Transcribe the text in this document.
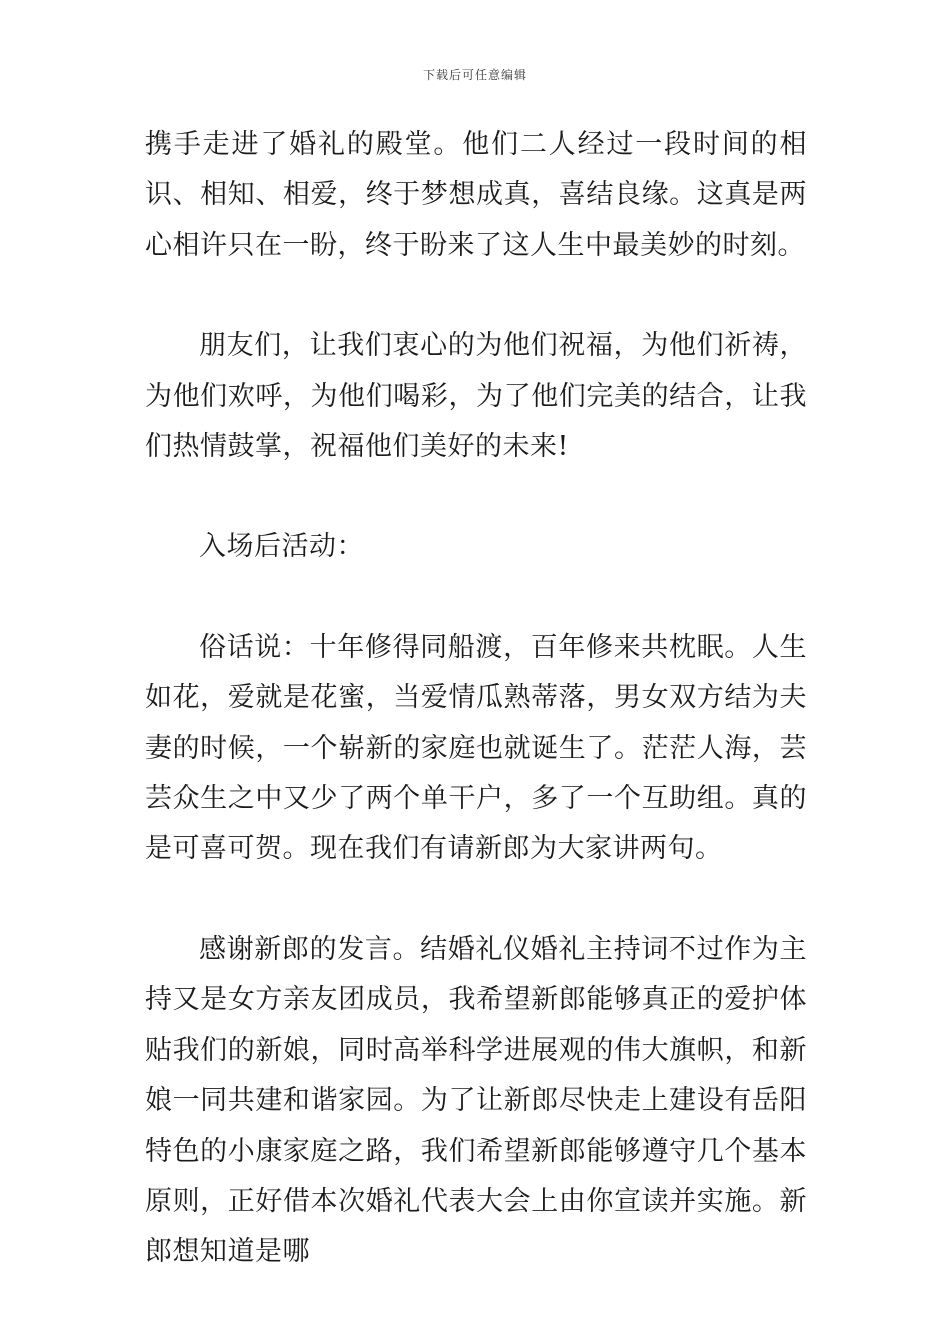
下载后可任意编辑

携手走进了婚礼的殿堂。他们二人经过一段时间的相识、相知、相爱，终于梦想成真，喜结良缘。这真是两心相许只在一盼，终于盼来了这人生中最美妙的时刻。

朋友们，让我们衷心的为他们祝福，为他们祈祷，为他们欢呼，为他们喝彩，为了他们完美的结合，让我们热情鼓掌，祝福他们美好的未来!

入场后活动：

俗话说：十年修得同船渡，百年修来共枕眠。人生如花，爱就是花蜜，当爱情瓜熟蒂落，男女双方结为夫妻的时候，一个崭新的家庭也就诞生了。茫茫人海，芸芸众生之中又少了两个单干户，多了一个互助组。真的是可喜可贺。现在我们有请新郎为大家讲两句。

感谢新郎的发言。结婚礼仪婚礼主持词不过作为主持又是女方亲友团成员，我希望新郎能够真正的爱护体贴我们的新娘，同时高举科学进展观的伟大旗帜，和新娘一同共建和谐家园。为了让新郎尽快走上建设有岳阳特色的小康家庭之路，我们希望新郎能够遵守几个基本原则，正好借本次婚礼代表大会上由你宣读并实施。新郎想知道是哪
